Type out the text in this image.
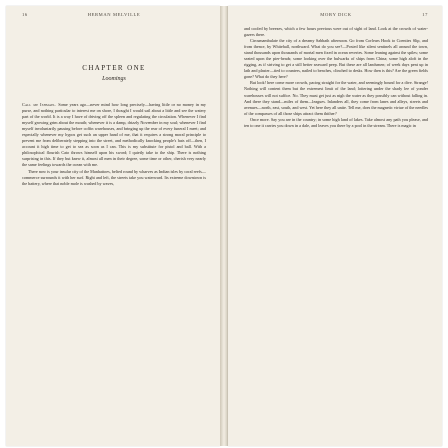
16	HERMAN MELVILLE
CHAPTER ONE
Loomings

Call me Ishmael. Some years ago—never mind how long precisely—having little or no money in my purse, and nothing particular to interest me on shore, I thought I would sail about a little and see the watery part of the world. It is a way I have of driving off the spleen and regulating the circulation. Whenever I find myself growing grim about the mouth; whenever it is a damp, drizzly November in my soul; whenever I find myself involuntarily pausing before coffin warehouses, and bringing up the rear of every funeral I meet; and especially whenever my hypos get such an upper hand of me, that it requires a strong moral principle to prevent me from deliberately stepping into the street, and methodically knocking people's hats off—then, I account it high time to get to sea as soon as I can. This is my substitute for pistol and ball. With a philosophical flourish Cato throws himself upon his sword; I quietly take to the ship. There is nothing surprising in this. If they but knew it, almost all men in their degree, some time or other, cherish very nearly the same feelings towards the ocean with me.

There now is your insular city of the Manhattoes, belted round by wharves as Indian isles by coral reefs—commerce surrounds it with her surf. Right and left, the streets take you waterward. Its extreme downtown is the battery, where that noble mole is washed by waves,

MOBY DICK	17

and cooled by breezes, which a few hours previous were out of sight of land. Look at the crowds of water-gazers there.

Circumambulate the city of a dreamy Sabbath afternoon. Go from Corlears Hook to Coenties Slip, and from thence, by Whitehall, northward. What do you see?—Posted like silent sentinels all around the town, stand thousands upon thousands of mortal men fixed in ocean reveries. Some leaning against the spiles; some seated upon the pier-heads; some looking over the bulwarks of ships from China; some high aloft in the rigging, as if striving to get a still better seaward peep. But these are all landsmen; of week days pent up in lath and plaster—tied to counters, nailed to benches, clinched to desks. How then is this? Are the green fields gone? What do they here?

But look! here come more crowds, pacing straight for the water, and seemingly bound for a dive. Strange! Nothing will content them but the extremest limit of the land; loitering under the shady lee of yonder warehouses will not suffice. No. They must get just as nigh the water as they possibly can without falling in. And there they stand—miles of them—leagues. Inlanders all, they come from lanes and alleys, streets and avenues—north, east, south, and west. Yet here they all unite. Tell me, does the magnetic virtue of the needles of the compasses of all those ships attract them thither?

Once more. Say you are in the country; in some high land of lakes. Take almost any path you please, and ten to one it carries you down in a dale, and leaves you there by a pool in the stream. There is magic in
